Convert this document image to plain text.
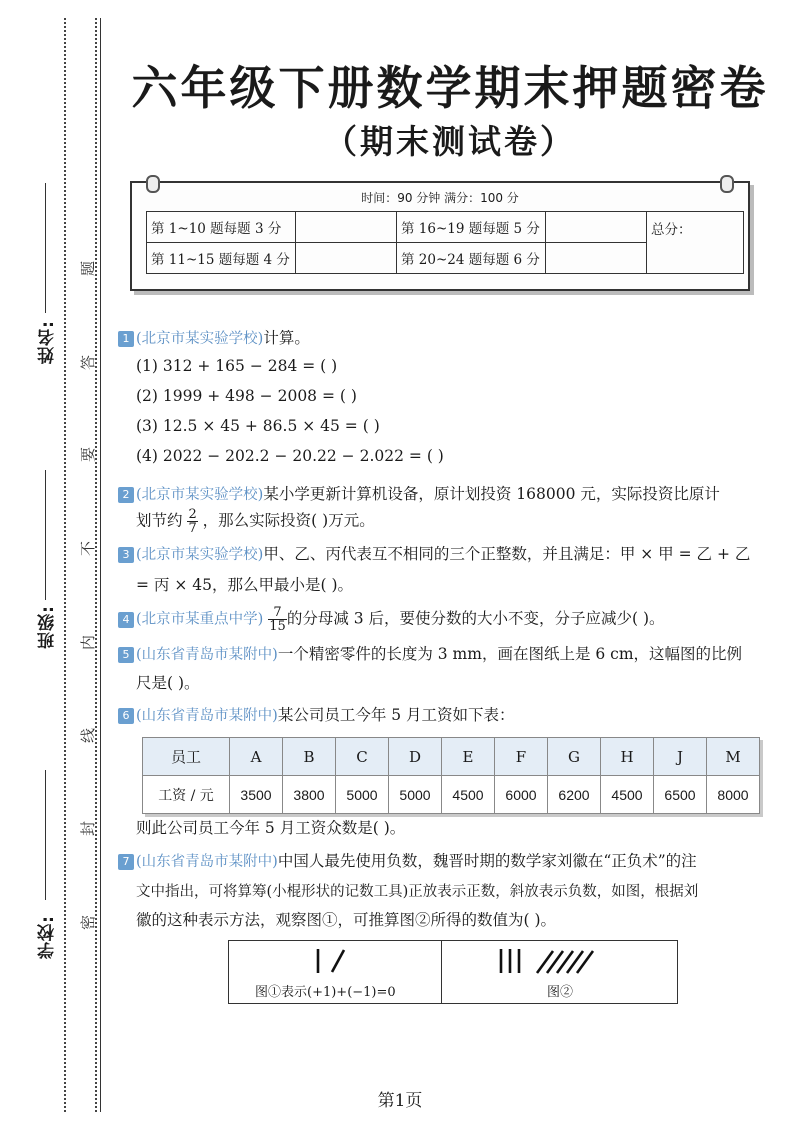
学校:
班级:
姓名:
题
答
要
不
内
线
封
密
六年级下册数学期末押题密卷
（期末测试卷）
时间：90 分钟 满分：100 分
第 1~10 题每题 3 分		第 16~19 题每题 5 分		总分：
第 11~15 题每题 4 分		第 20~24 题每题 6 分		
1 (北京市某实验学校)计算。
(1) 312 + 165 − 284 = ( )
(2) 1999 + 498 − 2008 = ( )
(3) 12.5 × 45 + 86.5 × 45 = ( )
(4) 2022 − 202.2 − 20.22 − 2.022 = ( )
2 (北京市某实验学校)某小学更新计算机设备，原计划投资 168000 元，实际投资比原计
划节约 $\frac{2}{7}$ ，那么实际投资( )万元。
3 (北京市某实验学校)甲、乙、丙代表互不相同的三个正整数，并且满足：甲 × 甲 = 乙 + 乙
= 丙 × 45，那么甲最小是( )。
4 (北京市某重点中学) $\frac{7}{15}$ 的分母减 3 后，要使分数的大小不变，分子应减少( )。
5 (山东省青岛市某附中)一个精密零件的长度为 3 mm，画在图纸上是 6 cm，这幅图的比例
尺是( )。
6 (山东省青岛市某附中)某公司员工今年 5 月工资如下表：
员工	A	B	C	D	E	F	G	H	J	M
工资 / 元	3500	3800	5000	5000	4500	6000	6200	4500	6500	8000
则此公司员工今年 5 月工资众数是( )。
7 (山东省青岛市某附中)中国人最先使用负数，魏晋时期的数学家刘徽在“正负术”的注
文中指出，可将算筹(小棍形状的记数工具)正放表示正数，斜放表示负数，如图，根据刘
徽的这种表示方法，观察图①，可推算图②所得的数值为( )。
图①表示(+1)+(−1)=0	图②
第1页
